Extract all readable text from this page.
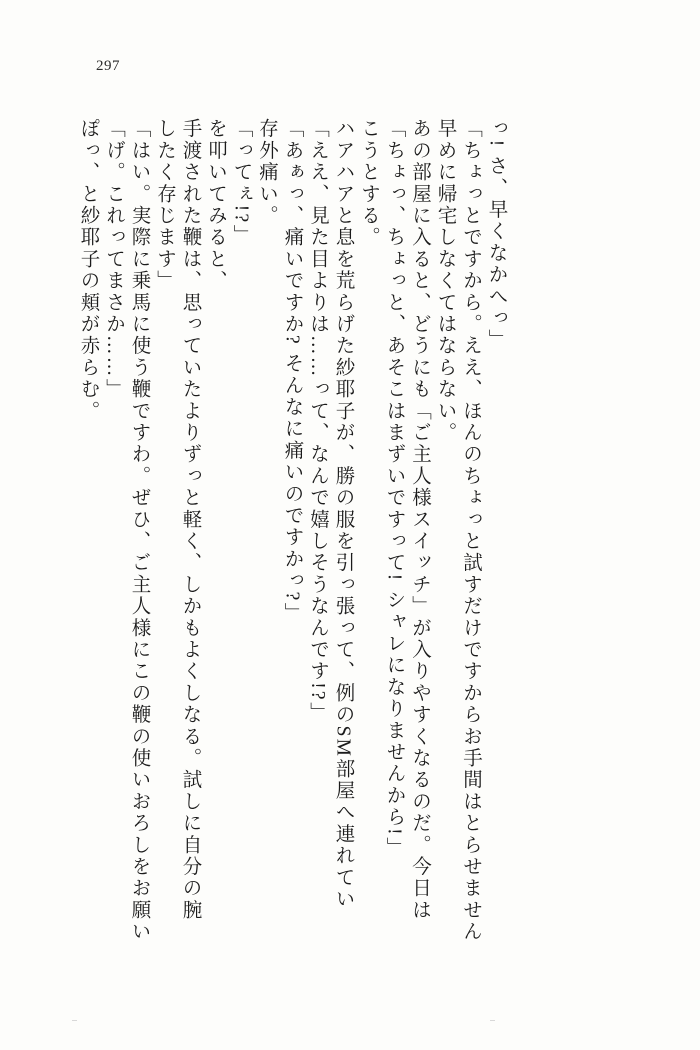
297
ぽっ、と紗耶子の頬が赤らむ。 「げ。これってまさか……」 「はい。実際に乗馬に使う鞭ですわ。ぜひ、ご主人様にこの鞭の使いおろしをお願い したく存じます」 手渡された鞭は、思っていたよりずっと軽く、しかもよくしなる。試しに自分の腕 を叩いてみると、 「ってぇ!?」 存外痛い。 「あぁっ、痛いですか? そんなに痛いのですかっ?」 「ええ、見た目よりは……って、なんで嬉しそうなんです!?」 ハアハアと息を荒らげた紗耶子が、勝の服を引っ張って、例のSM部屋へ連れてい こうとする。 「ちょっ、ちょっと、あそこはまずいですって! シャレになりませんから!」 あの部屋に入ると、どうにも「ご主人様スイッチ」が入りやすくなるのだ。今日は 早めに帰宅しなくてはならない。 「ちょっとですから。ええ、ほんのちょっと試すだけですからお手間はとらせません っ! さ、早くなかへっ」
